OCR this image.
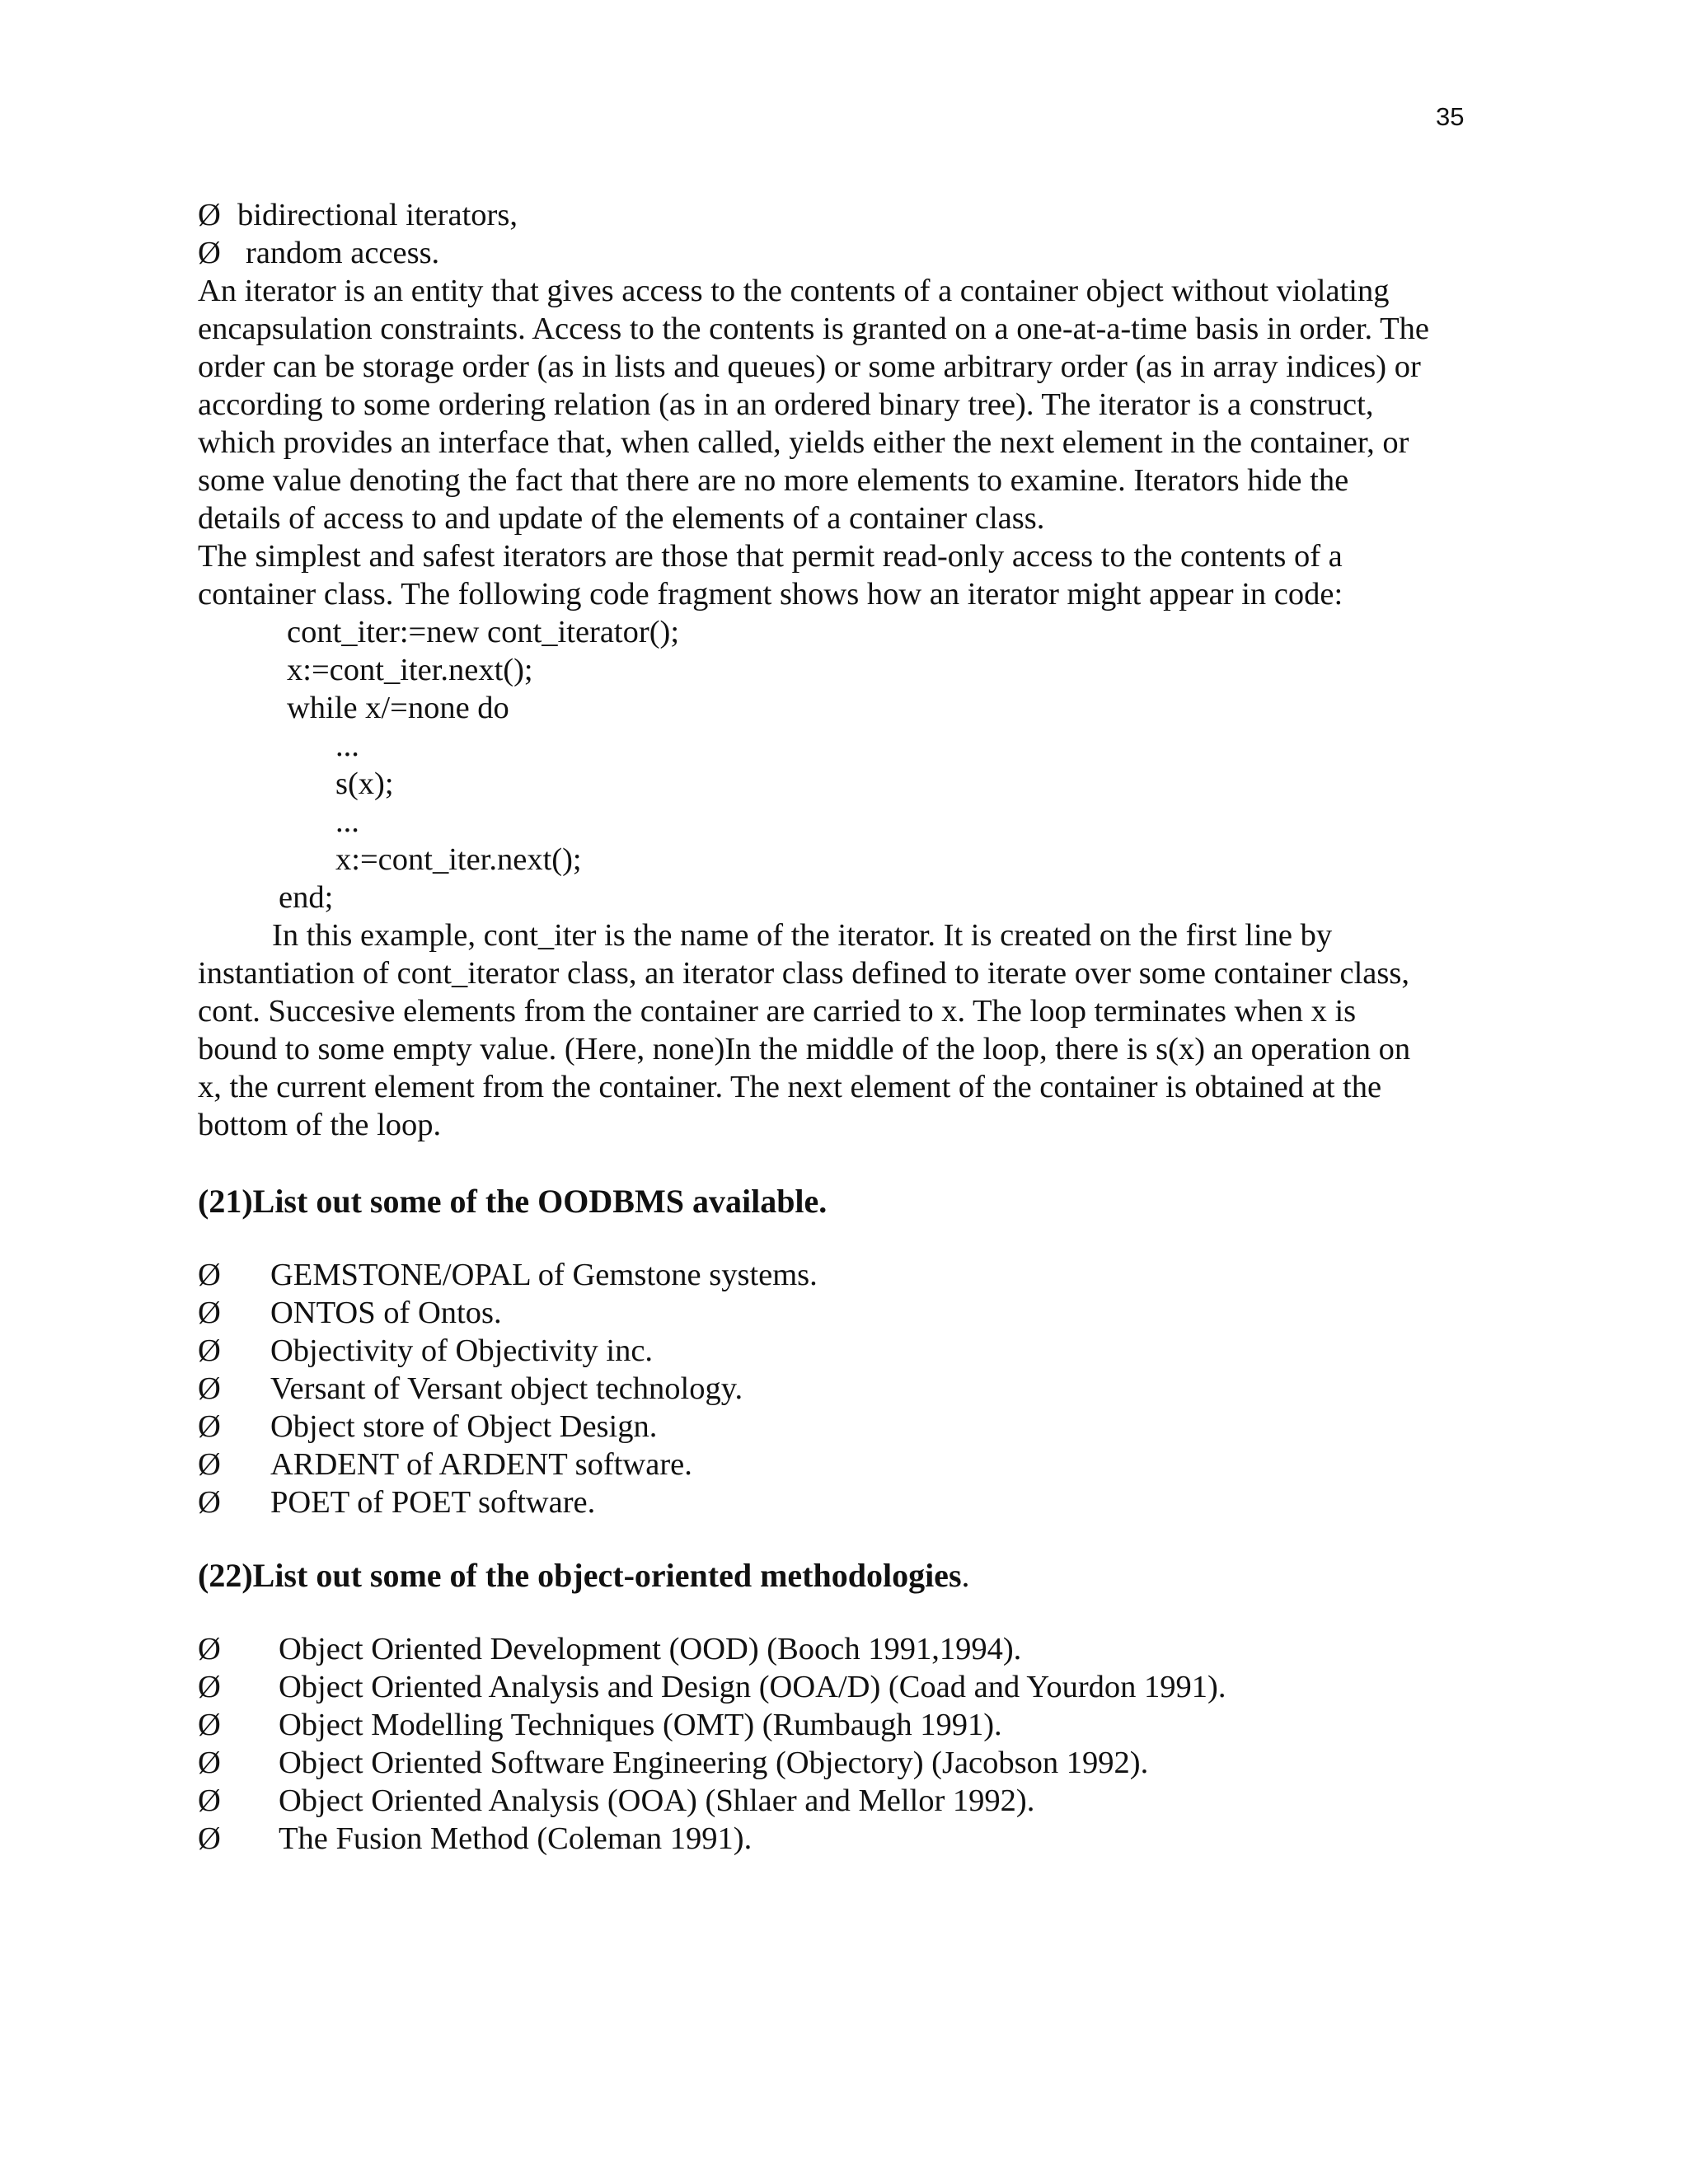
35
Ø bidirectional iterators,
Ø random access.
An iterator is an entity that gives access to the contents of a container object without violating
encapsulation constraints. Access to the contents is granted on a one-at-a-time basis in order. The
order can be storage order (as in lists and queues) or some arbitrary order (as in array indices) or
according to some ordering relation (as in an ordered binary tree). The iterator is a construct,
which provides an interface that, when called, yields either the next element in the container, or
some value denoting the fact that there are no more elements to examine. Iterators hide the
details of access to and update of the elements of a container class.
The simplest and safest iterators are those that permit read-only access to the contents of a
container class. The following code fragment shows how an iterator might appear in code:
cont_iter:=new cont_iterator();
x:=cont_iter.next();
while x/=none do
...
s(x);
...
x:=cont_iter.next();
end;
In this example, cont_iter is the name of the iterator. It is created on the first line by
instantiation of cont_iterator class, an iterator class defined to iterate over some container class,
cont. Succesive elements from the container are carried to x. The loop terminates when x is
bound to some empty value. (Here, none)In the middle of the loop, there is s(x) an operation on
x, the current element from the container. The next element of the container is obtained at the
bottom of the loop.
(21)List out some of the OODBMS available.
Ø GEMSTONE/OPAL of Gemstone systems.
Ø ONTOS of Ontos.
Ø Objectivity of Objectivity inc.
Ø Versant of Versant object technology.
Ø Object store of Object Design.
Ø ARDENT of ARDENT software.
Ø POET of POET software.
(22)List out some of the object-oriented methodologies.
Ø Object Oriented Development (OOD) (Booch 1991,1994).
Ø Object Oriented Analysis and Design (OOA/D) (Coad and Yourdon 1991).
Ø Object Modelling Techniques (OMT) (Rumbaugh 1991).
Ø Object Oriented Software Engineering (Objectory) (Jacobson 1992).
Ø Object Oriented Analysis (OOA) (Shlaer and Mellor 1992).
Ø The Fusion Method (Coleman 1991).
